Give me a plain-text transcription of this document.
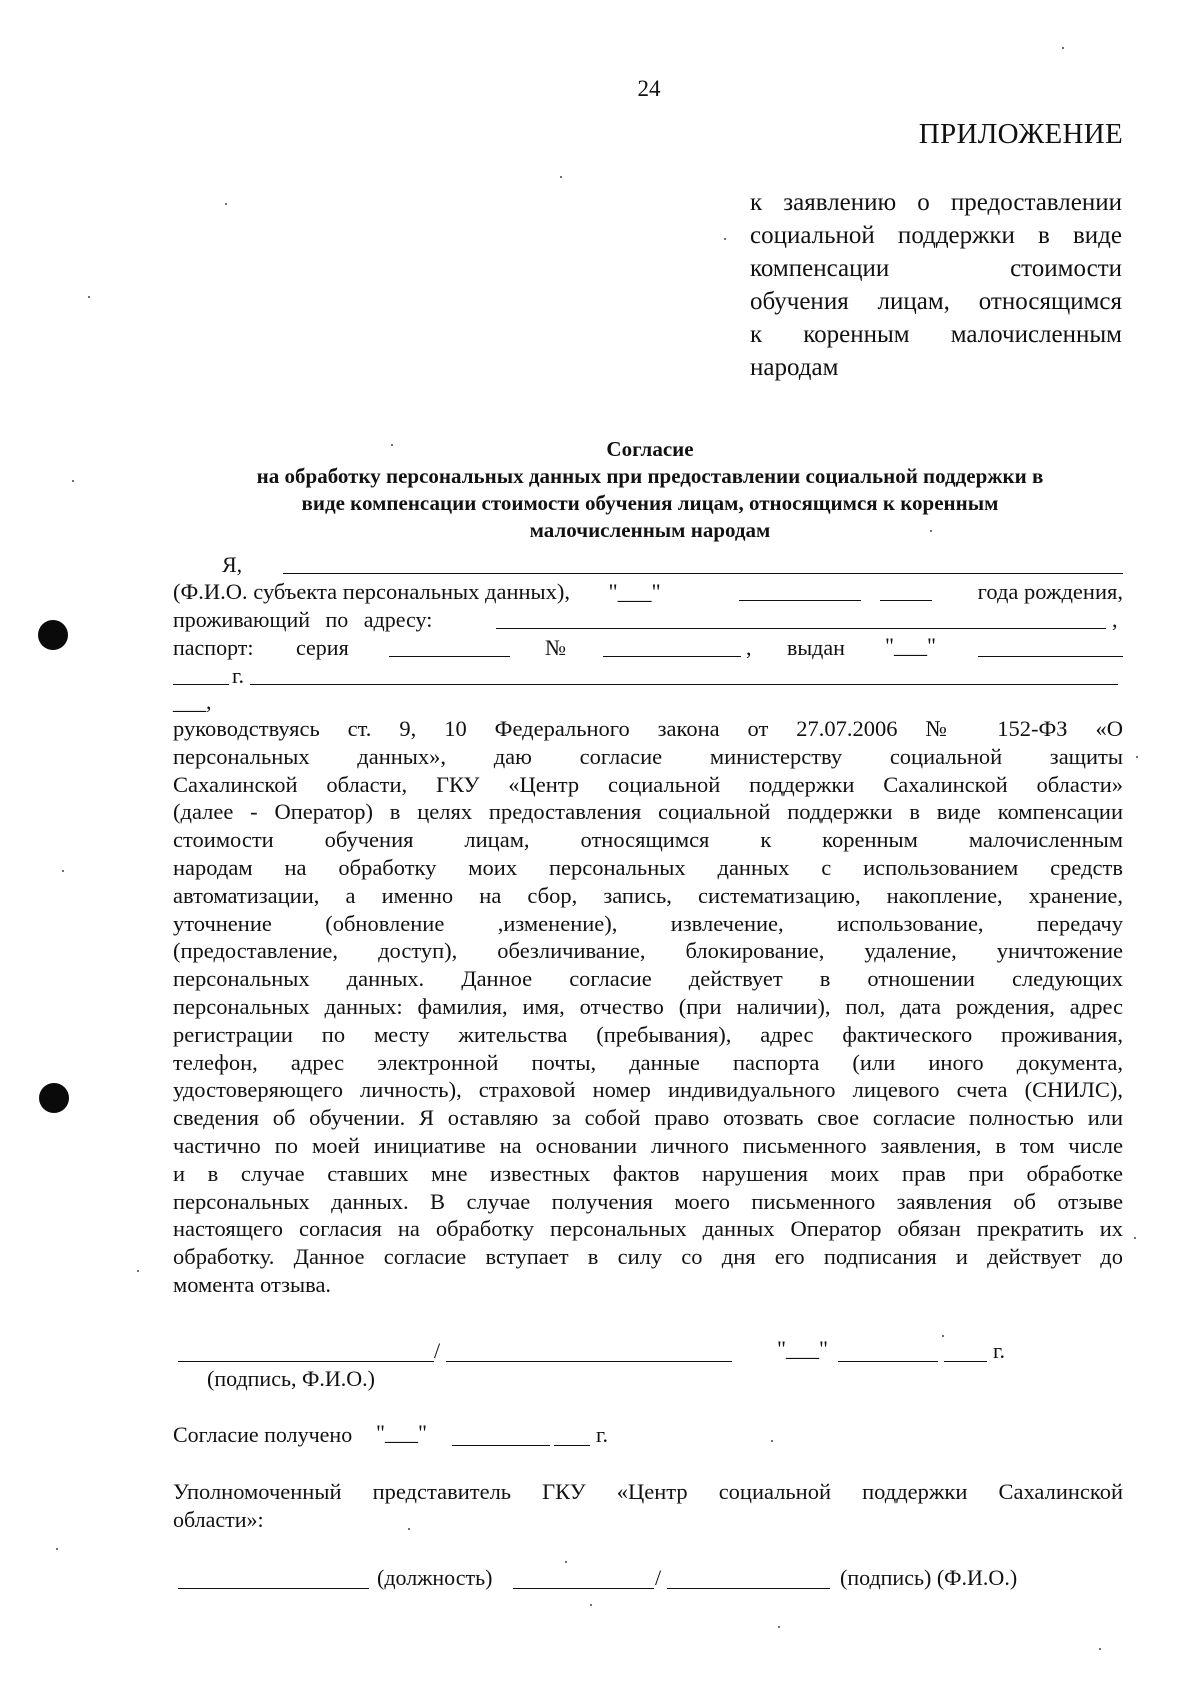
24
ПРИЛОЖЕНИЕ
к заявлению о предоставлении
социальной поддержки в виде
компенсации стоимости
обучения лицам, относящимся
к коренным малочисленным
народам
Согласие
на обработку персональных данных при предоставлении социальной поддержки в
виде компенсации стоимости обучения лицам, относящимся к коренным
малочисленным народам
Я,
(Ф.И.О. субъекта персональных данных), "___"	года рождения,
проживающий по адресу:	,
паспорт: серия	№	, выдан "___"
г.
___,
руководствуясь ст. 9, 10 Федерального закона от 27.07.2006 № 152-ФЗ «О
персональных данных», даю согласие министерству социальной защиты
Сахалинской области, ГКУ «Центр социальной поддержки Сахалинской области»
(далее - Оператор) в целях предоставления социальной поддержки в виде компенсации
стоимости обучения лицам, относящимся к коренным малочисленным
народам на обработку моих персональных данных с использованием средств
автоматизации, а именно на сбор, запись, систематизацию, накопление, хранение,
уточнение (обновление ,изменение), извлечение, использование, передачу
(предоставление, доступ), обезличивание, блокирование, удаление, уничтожение
персональных данных. Данное согласие действует в отношении следующих
персональных данных: фамилия, имя, отчество (при наличии), пол, дата рождения, адрес
регистрации по месту жительства (пребывания), адрес фактического проживания,
телефон, адрес электронной почты, данные паспорта (или иного документа,
удостоверяющего личность), страховой номер индивидуального лицевого счета (СНИЛС),
сведения об обучении. Я оставляю за собой право отозвать свое согласие полностью или
частично по моей инициативе на основании личного письменного заявления, в том числе
и в случае ставших мне известных фактов нарушения моих прав при обработке
персональных данных. В случае получения моего письменного заявления об отзыве
настоящего согласия на обработку персональных данных Оператор обязан прекратить их
обработку. Данное согласие вступает в силу со дня его подписания и действует до
момента отзыва.
/	"___"	г.
(подпись, Ф.И.О.)
Согласие получено "___"	г.
Уполномоченный представитель ГКУ «Центр социальной поддержки Сахалинской
области»:
(должность)	/	(подпись) (Ф.И.О.)
